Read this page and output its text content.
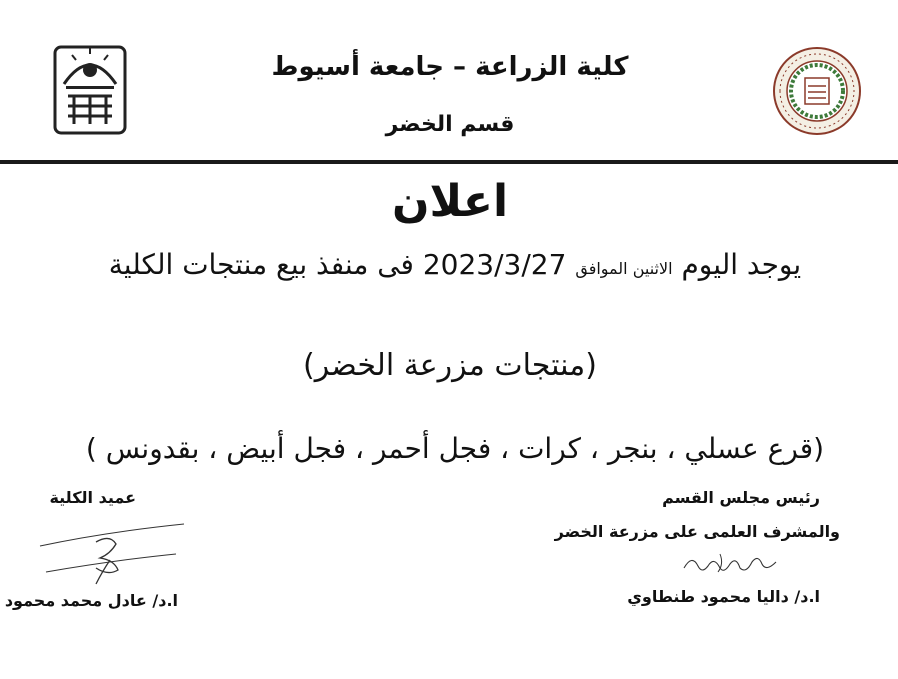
كلية الزراعة – جامعة أسيوط
قسم الخضر
اعلان
يوجد اليوم الاثنين الموافق 2023/3/27 فى منفذ بيع منتجات الكلية
(منتجات مزرعة الخضر)
(قرع عسلي ، بنجر ، كرات ، فجل أحمر ، فجل أبيض ، بقدونس )
عميد الكلية
ا.د/ عادل محمد محمود
رئيس مجلس القسم
والمشرف العلمى على مزرعة الخضر
ا.د/ داليا محمود طنطاوي
